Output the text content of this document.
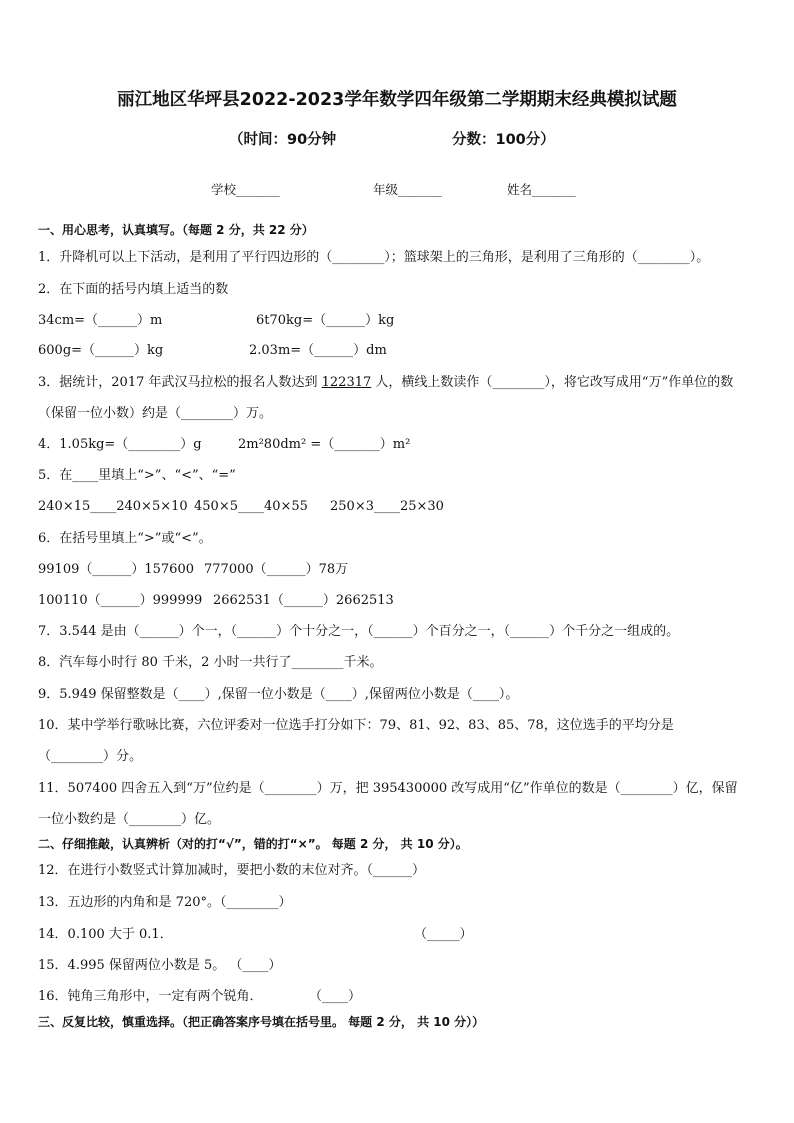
丽江地区华坪县2022-2023学年数学四年级第二学期期末经典模拟试题
（时间：90分钟	分数：100分）
学校_______	年级_______	姓名_______
一、用心思考，认真填写。（每题 2 分，共 22 分）
1．升降机可以上下活动，是利用了平行四边形的（________）；篮球架上的三角形，是利用了三角形的（________）。
2．在下面的括号内填上适当的数
34cm=（______）m	6t70kg=（______）kg
600g=（______）kg	2.03m=（______）dm
3．据统计，2017 年武汉马拉松的报名人数达到 122317 人，横线上数读作（________），将它改写成用“万”作单位的数
（保留一位小数）约是（________）万。
4．1.05kg=（________）g	2m²80dm² =（_______）m²
5．在____里填上“>”、“<”、“=”
240×15____240×5×10 450×5____40×55 250×3____25×30
6．在括号里填上“>”或“<”。
99109（______）157600 777000（______）78万
100110（______）999999 2662531（______）2662513
7．3.544 是由（______）个一，（______）个十分之一，（______）个百分之一，（______）个千分之一组成的。
8．汽车每小时行 80 千米，2 小时一共行了________千米。
9．5.949 保留整数是（____）,保留一位小数是（____）,保留两位小数是（____）。
10．某中学举行歌咏比赛，六位评委对一位选手打分如下：79、81、92、83、85、78，这位选手的平均分是
（________）分。
11．507400 四舍五入到“万”位约是（________）万，把 395430000 改写成用“亿”作单位的数是（________）亿，保留
一位小数约是（________）亿。
二、仔细推敲，认真辨析（对的打“√”，错的打“×”。 每题 2 分， 共 10 分）。
12．在进行小数竖式计算加减时，要把小数的末位对齐。（______）
13．五边形的内角和是 720°。（________）
14．0.100 大于 0.1．	（_____）
15．4.995 保留两位小数是 5。 （____）
16．钝角三角形中，一定有两个锐角．	（____）
三、反复比较，慎重选择。（把正确答案序号填在括号里。 每题 2 分， 共 10 分））
